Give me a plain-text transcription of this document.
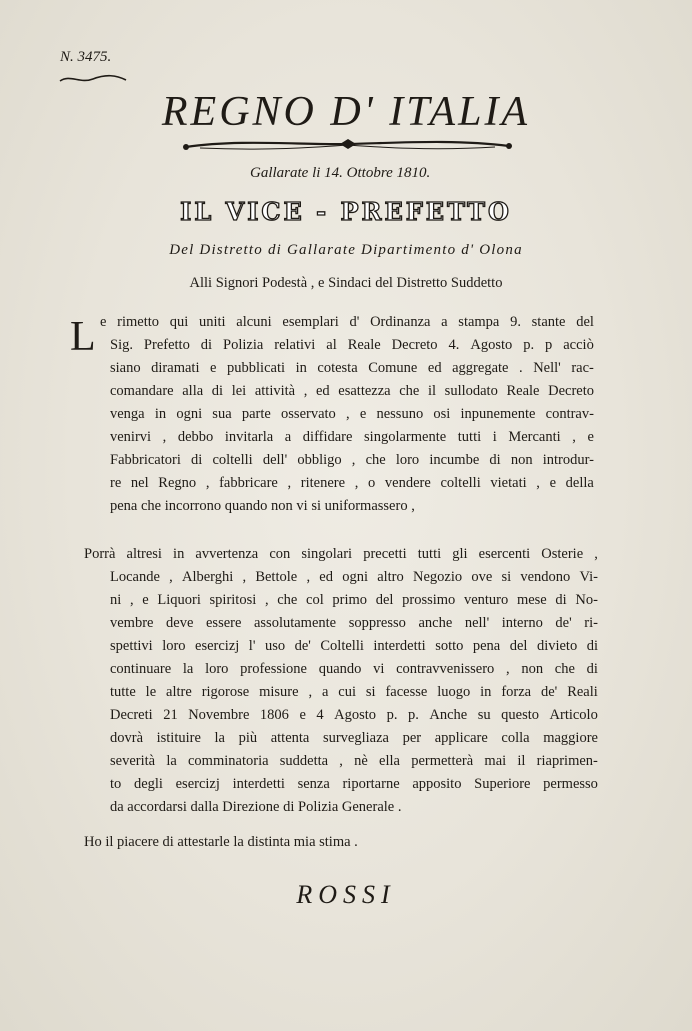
N. 3475.
REGNO D' ITALIA
Gallarate li 14. Ottobre 1810.
IL VICE - PREFETTO
Del Distretto di Gallarate Dipartimento d' Olona
Alli Signori Podestà , e Sindaci del Distretto Suddetto
L e rimetto qui uniti alcuni esemplari d' Ordinanza a stampa 9. stante del
Sig. Prefetto di Polizia relativi al Reale Decreto 4. Agosto p. p acciò
siano diramati e pubblicati in cotesta Comune ed aggregate . Nell' rac-
comandare alla di lei attività , ed esattezza che il sullodato Reale Decreto
venga in ogni sua parte osservato , e nessuno osi inpunemente contrav-
venirvi , debbo invitarla a diffidare singolarmente tutti i Mercanti , e
Fabbricatori di coltelli dell' obbligo , che loro incumbe di non introdur-
re nel Regno , fabbricare , ritenere , o vendere coltelli vietati , e della
pena che incorrono quando non vi si uniformassero ,
Porrà altresi in avvertenza con singolari precetti tutti gli esercenti Osterie ,
Locande , Alberghi , Bettole , ed ogni altro Negozio ove si vendono Vi-
ni , e Liquori spiritosi , che col primo del prossimo venturo mese di No-
vembre deve essere assolutamente soppresso anche nell' interno de' ri-
spettivi loro esercizj l' uso de' Coltelli interdetti sotto pena del divieto di
continuare la loro professione quando vi contravvenissero , non che di
tutte le altre rigorose misure , a cui si facesse luogo in forza de' Reali
Decreti 21 Novembre 1806 e 4 Agosto p. p. Anche su questo Articolo
dovrà istituire la più attenta survegliaza per applicare colla maggiore
severità la comminatoria suddetta , nè ella permetterà mai il riaprimen-
to degli esercizj interdetti senza riportarne apposito Superiore permesso
da accordarsi dalla Direzione di Polizia Generale .
Ho il piacere di attestarle la distinta mia stima .
ROSSI
